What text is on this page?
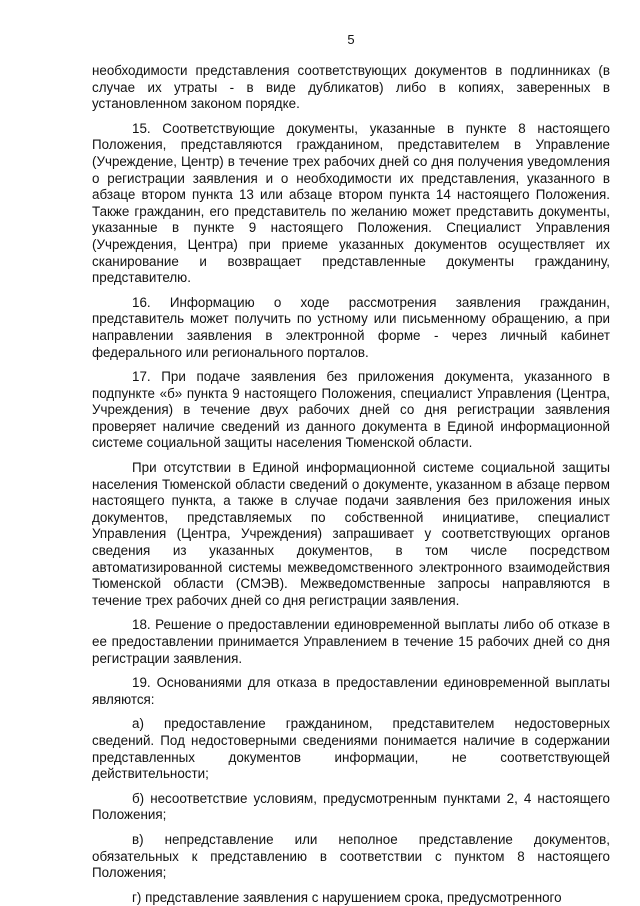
5

необходимости представления соответствующих документов в подлинниках (в случае их утраты - в виде дубликатов) либо в копиях, заверенных в установленном законом порядке.

15. Соответствующие документы, указанные в пункте 8 настоящего Положения, представляются гражданином, представителем в Управление (Учреждение, Центр) в течение трех рабочих дней со дня получения уведомления о регистрации заявления и о необходимости их представления, указанного в абзаце втором пункта 13 или абзаце втором пункта 14 настоящего Положения. Также гражданин, его представитель по желанию может представить документы, указанные в пункте 9 настоящего Положения. Специалист Управления (Учреждения, Центра) при приеме указанных документов осуществляет их сканирование и возвращает представленные документы гражданину, представителю.

16. Информацию о ходе рассмотрения заявления гражданин, представитель может получить по устному или письменному обращению, а при направлении заявления в электронной форме - через личный кабинет федерального или регионального порталов.

17. При подаче заявления без приложения документа, указанного в подпункте «б» пункта 9 настоящего Положения, специалист Управления (Центра, Учреждения) в течение двух рабочих дней со дня регистрации заявления проверяет наличие сведений из данного документа в Единой информационной системе социальной защиты населения Тюменской области.

При отсутствии в Единой информационной системе социальной защиты населения Тюменской области сведений о документе, указанном в абзаце первом настоящего пункта, а также в случае подачи заявления без приложения иных документов, представляемых по собственной инициативе, специалист Управления (Центра, Учреждения) запрашивает у соответствующих органов сведения из указанных документов, в том числе посредством автоматизированной системы межведомственного электронного взаимодействия Тюменской области (СМЭВ). Межведомственные запросы направляются в течение трех рабочих дней со дня регистрации заявления.

18. Решение о предоставлении единовременной выплаты либо об отказе в ее предоставлении принимается Управлением в течение 15 рабочих дней со дня регистрации заявления.

19. Основаниями для отказа в предоставлении единовременной выплаты являются:

а) предоставление гражданином, представителем недостоверных сведений. Под недостоверными сведениями понимается наличие в содержании представленных документов информации, не соответствующей действительности;

б) несоответствие условиям, предусмотренным пунктами 2, 4 настоящего Положения;

в) непредставление или неполное представление документов, обязательных к представлению в соответствии с пунктом 8 настоящего Положения;

г) представление заявления с нарушением срока, предусмотренного
